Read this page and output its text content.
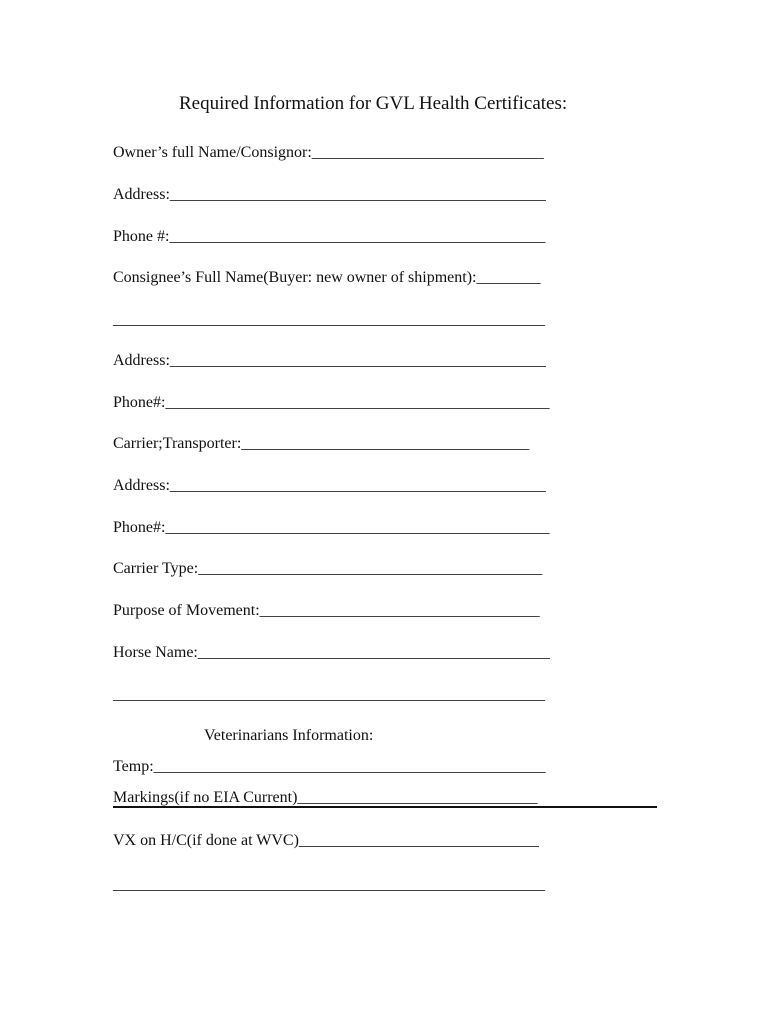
Required Information for GVL Health Certificates:
Owner’s full Name/Consignor:_____________________________
Address:_______________________________________________
Phone #:_______________________________________________
Consignee’s Full Name(Buyer: new owner of shipment):________
______________________________________________________
Address:_______________________________________________
Phone#:________________________________________________
Carrier;Transporter:____________________________________
Address:_______________________________________________
Phone#:________________________________________________
Carrier Type:___________________________________________
Purpose of Movement:___________________________________
Horse Name:____________________________________________
______________________________________________________
Veterinarians Information:
Temp:_________________________________________________
Markings(if no EIA Current)______________________________
VX on H/C(if done at WVC)______________________________
______________________________________________________
